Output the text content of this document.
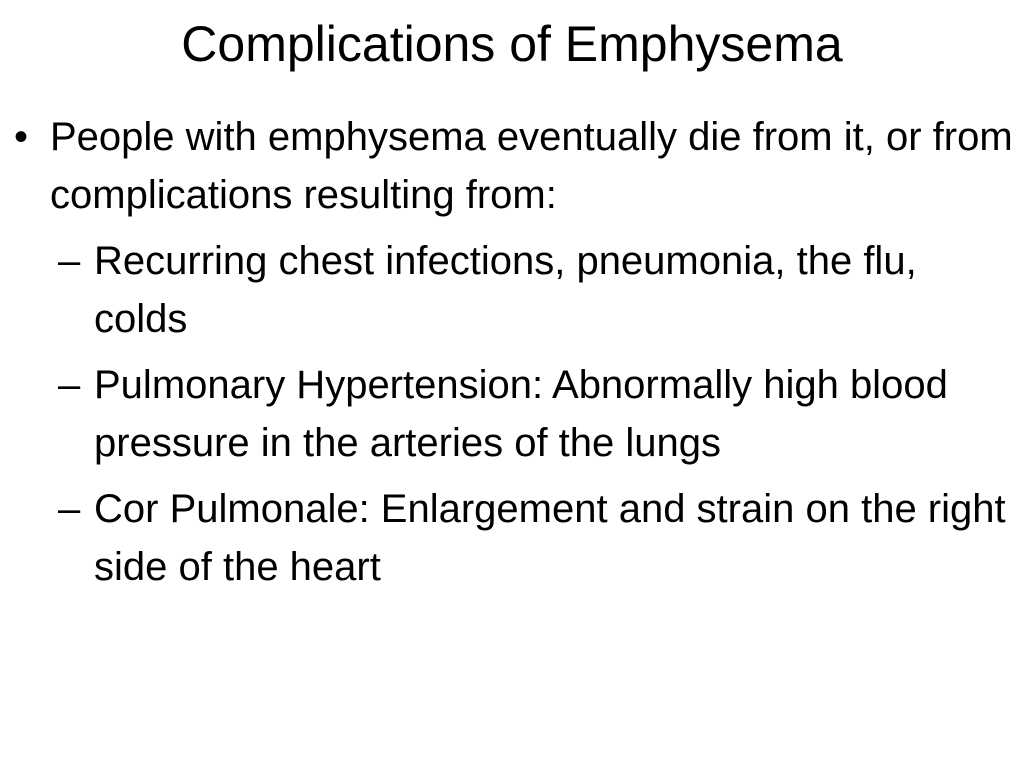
Complications of Emphysema
• People with emphysema eventually die from it, or from complications resulting from:
– Recurring chest infections, pneumonia, the flu, colds
– Pulmonary Hypertension: Abnormally high blood pressure in the arteries of the lungs
– Cor Pulmonale: Enlargement and strain on the right side of the heart
